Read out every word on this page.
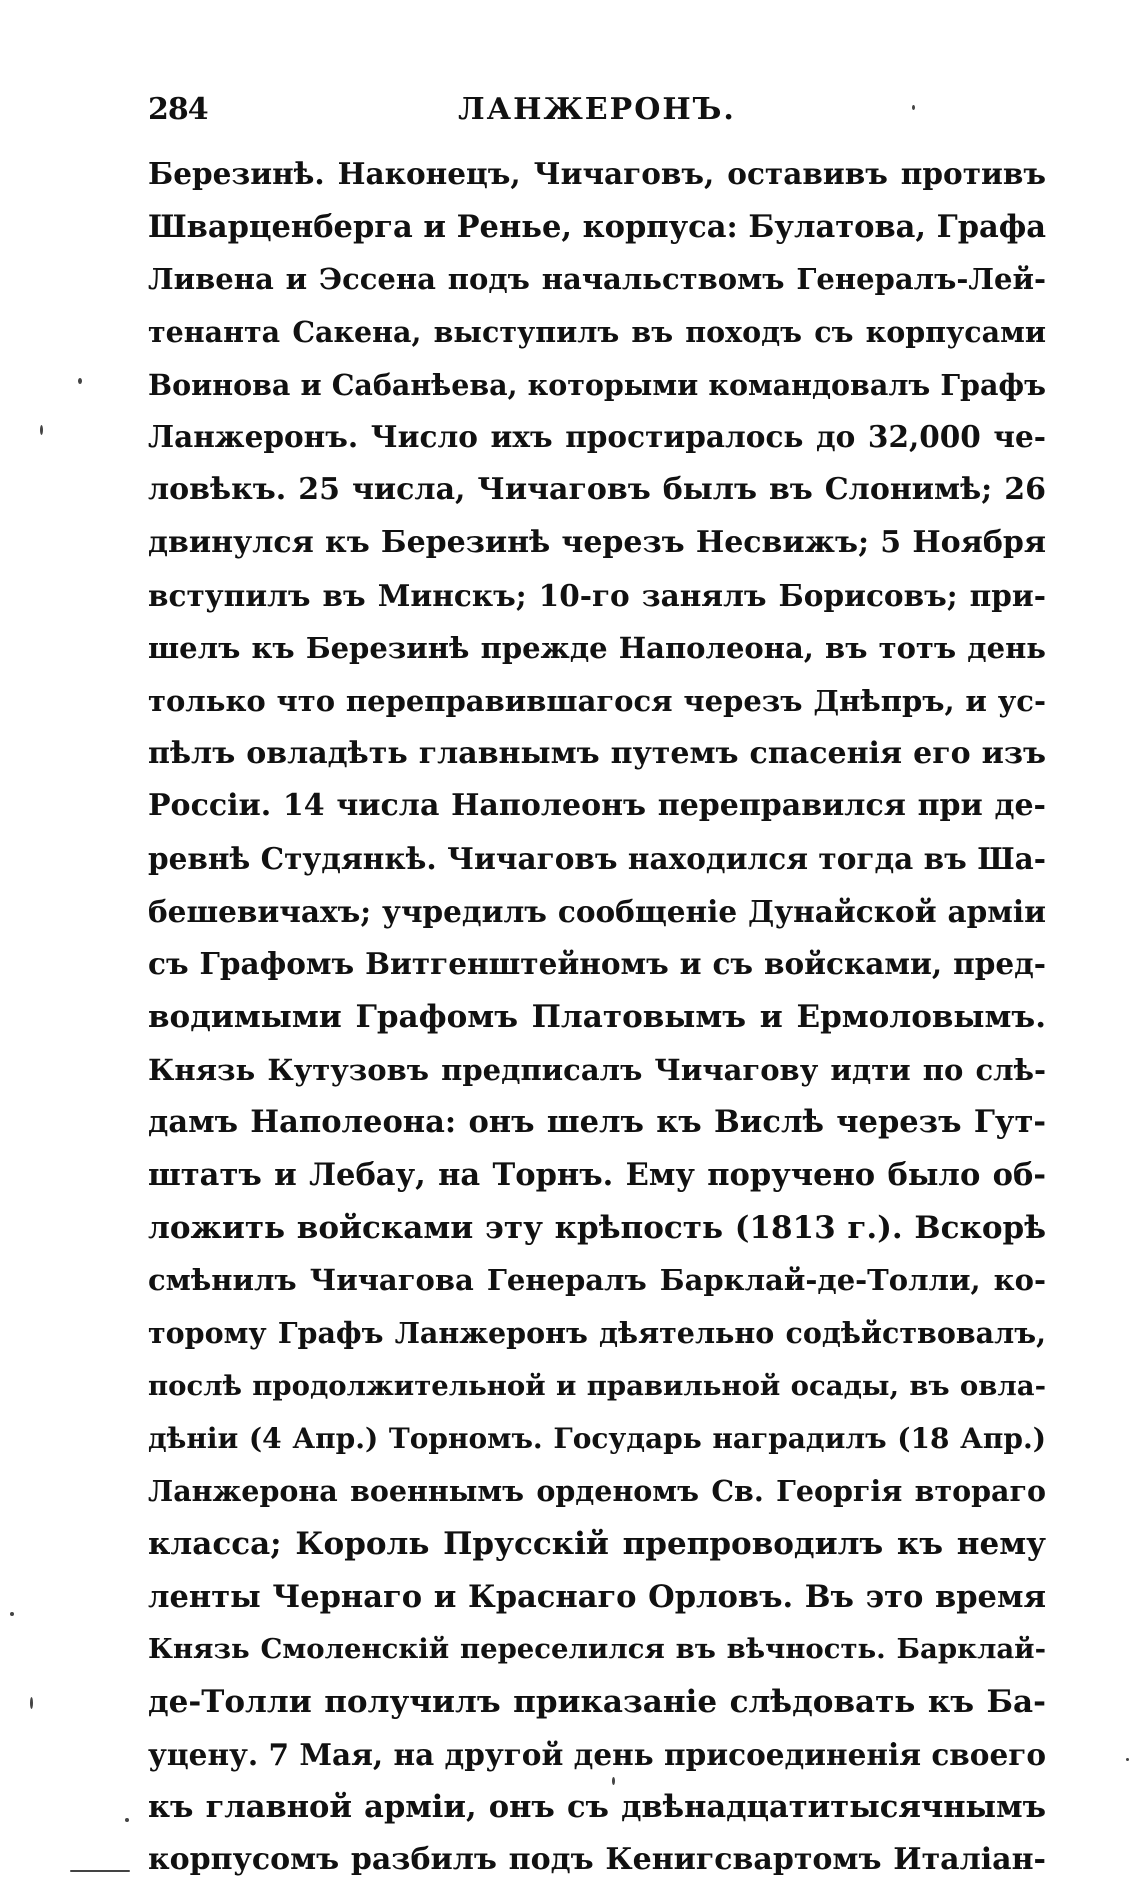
284	ЛАНЖЕРОНЪ.
Березинѣ. Наконецъ, Чичаговъ, оставивъ противъ
Шварценберга и Ренье, корпуса: Булатова, Графа
Ливена и Эссена подъ начальствомъ Генералъ-Лей-
тенанта Сакена, выступилъ въ походъ съ корпусами
Воинова и Сабанѣева, которыми командовалъ Графъ
Ланжеронъ. Число ихъ простиралось до 32,000 че-
ловѣкъ. 25 числа, Чичаговъ былъ въ Слонимѣ; 26
двинулся къ Березинѣ черезъ Несвижъ; 5 Ноября
вступилъ въ Минскъ; 10-го занялъ Борисовъ; при-
шелъ къ Березинѣ прежде Наполеона, въ тотъ день
только что переправившагося черезъ Днѣпръ, и ус-
пѣлъ овладѣть главнымъ путемъ спасенія его изъ
Россіи. 14 числа Наполеонъ переправился при де-
ревнѣ Студянкѣ. Чичаговъ находился тогда въ Ша-
бешевичахъ; учредилъ сообщеніе Дунайской арміи
съ Графомъ Витгенштейномъ и съ войсками, пред-
водимыми Графомъ Платовымъ и Ермоловымъ.
Князь Кутузовъ предписалъ Чичагову идти по слѣ-
дамъ Наполеона: онъ шелъ къ Вислѣ черезъ Гут-
штатъ и Лебау, на Торнъ. Ему поручено было об-
ложить войсками эту крѣпость (1813 г.). Вскорѣ
смѣнилъ Чичагова Генералъ Барклай-де-Толли, ко-
торому Графъ Ланжеронъ дѣятельно содѣйствовалъ,
послѣ продолжительной и правильной осады, въ овла-
дѣніи (4 Апр.) Торномъ. Государь наградилъ (18 Апр.)
Ланжерона военнымъ орденомъ Св. Георгія втораго
класса; Король Прусскій препроводилъ къ нему
ленты Чернаго и Краснаго Орловъ. Въ это время
Князь Смоленскій переселился въ вѣчность. Барклай-
де-Толли получилъ приказаніе слѣдовать къ Ба-
уцену. 7 Мая, на другой день присоединенія своего
къ главной арміи, онъ съ двѣнадцатитысячнымъ
корпусомъ разбилъ подъ Кенигсвартомъ Италіан-
